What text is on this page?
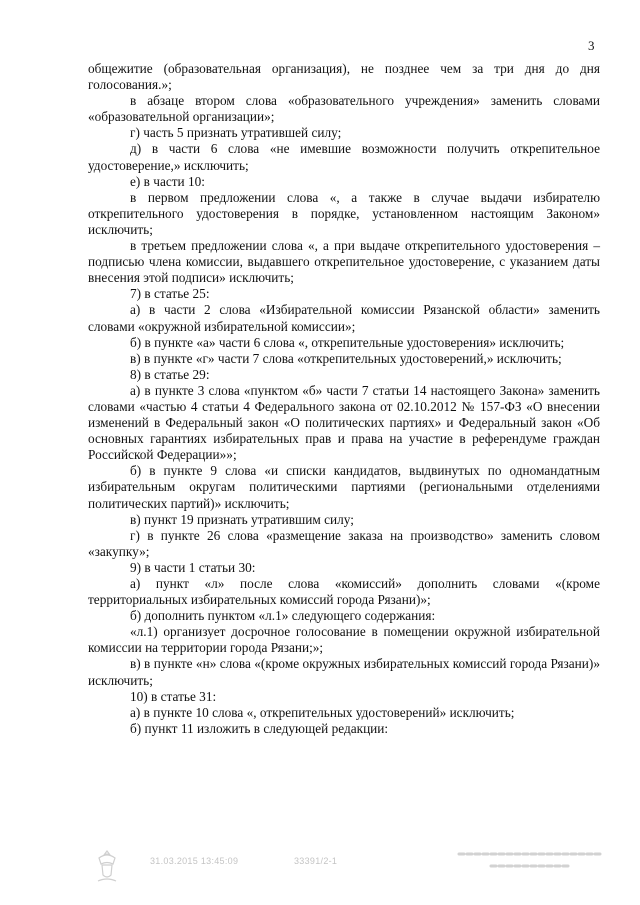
3

общежитие (образовательная организация), не позднее чем за три дня до дня голосования.»;

в абзаце втором слова «образовательного учреждения» заменить словами «образовательной организации»;

г) часть 5 признать утратившей силу;

д) в части 6 слова «не имевшие возможности получить открепительное удостоверение,» исключить;

е) в части 10:

в первом предложении слова «, а также в случае выдачи избирателю открепительного удостоверения в порядке, установленном настоящим Законом» исключить;

в третьем предложении слова «, а при выдаче открепительного удостоверения – подписью члена комиссии, выдавшего открепительное удостоверение, с указанием даты внесения этой подписи» исключить;

7) в статье 25:

а) в части 2 слова «Избирательной комиссии Рязанской области» заменить словами «окружной избирательной комиссии»;

б) в пункте «а» части 6 слова «, открепительные удостоверения» исключить;

в) в пункте «г» части 7 слова «открепительных удостоверений,» исключить;

8) в статье 29:

а) в пункте 3 слова «пунктом «б» части 7 статьи 14 настоящего Закона» заменить словами «частью 4 статьи 4 Федерального закона от 02.10.2012 № 157-ФЗ «О внесении изменений в Федеральный закон «О политических партиях» и Федеральный закон «Об основных гарантиях избирательных прав и права на участие в референдуме граждан Российской Федерации»»;

б) в пункте 9 слова «и списки кандидатов, выдвинутых по одномандатным избирательным округам политическими партиями (региональными отделениями политических партий)» исключить;

в) пункт 19 признать утратившим силу;

г) в пункте 26 слова «размещение заказа на производство» заменить словом «закупку»;

9) в части 1 статьи 30:

а) пункт «л» после слова «комиссий» дополнить словами «(кроме территориальных избирательных комиссий города Рязани)»;

б) дополнить пунктом «л.1» следующего содержания:

«л.1) организует досрочное голосование в помещении окружной избирательной комиссии на территории города Рязани;»;

в) в пункте «н» слова «(кроме окружных избирательных комиссий города Рязани)» исключить;

10) в статье 31:

а) в пункте 10 слова «, открепительных удостоверений» исключить;

б) пункт 11 изложить в следующей редакции:

31.03.2015 13:45:09	33391/2-1
